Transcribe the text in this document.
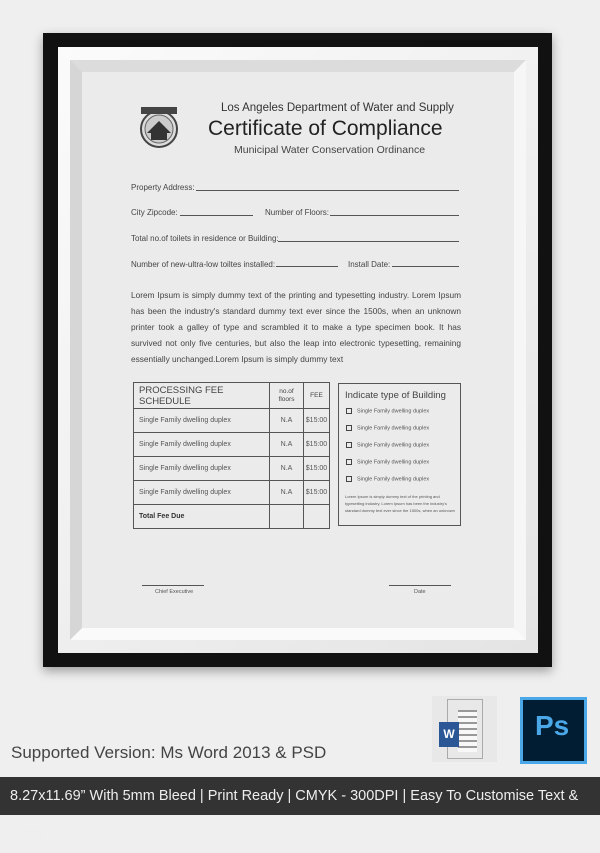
Los Angeles Department of Water and Supply
Certificate of Compliance
Municipal Water Conservation Ordinance
Property Address:
City Zipcode:	Number of Floors:
Total no.of toilets in residence or Building:
Number of new-ultra-low toiltes installed:	Install Date:
Lorem Ipsum is simply dummy text of the printing and typesetting industry. Lorem Ipsum has been the industry's standard dummy text ever since the 1500s, when an unknown printer took a galley of type and scrambled it to make a type specimen book. It has survived not only five centuries, but also the leap into electronic typesetting, remaining essentially unchanged.Lorem Ipsum is simply dummy text
PROCESSING FEE SCHEDULE	no.of floors	FEE
Single Family dwelling duplex	N.A	$15:00
Single Family dwelling duplex	N.A	$15:00
Single Family dwelling duplex	N.A	$15:00
Single Family dwelling duplex	N.A	$15:00
Total Fee Due		
Indicate type of Building
Single Family dwelling duplex
Single Family dwelling duplex
Single Family dwelling duplex
Single Family dwelling duplex
Single Family dwelling duplex
Lorem Ipsum is simply dummy text of the printing and typesetting industry. Lorem Ipsum has been the industry's standard dummy text ever since the 1500s, when an unknown
Chief Executive	Date
Supported Version: Ms Word 2013 & PSD
W	Ps
8.27x11.69” With 5mm Bleed | Print Ready | CMYK - 300DPI | Easy To Customise Text & Color
